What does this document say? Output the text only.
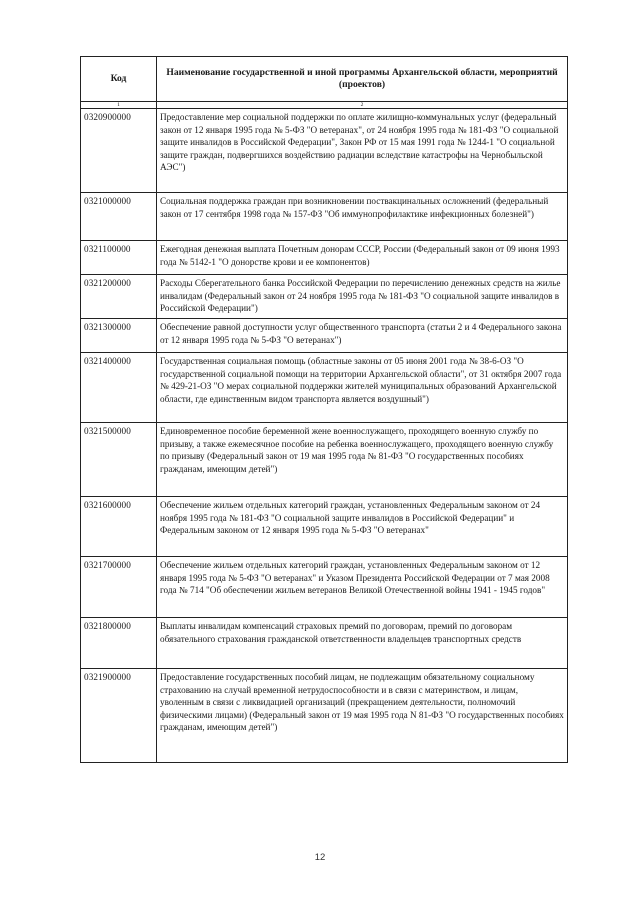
Код	Наименование государственной и иной программы Архангельской области, мероприятий (проектов)
1	2
0320900000	Предоставление мер социальной поддержки по оплате жилищно-коммунальных услуг (федеральный закон от 12 января 1995 года № 5-ФЗ "О ветеранах", от 24 ноября 1995 года № 181-ФЗ "О социальной защите инвалидов в Российской Федерации", Закон РФ от 15 мая 1991 года № 1244-1 "О социальной защите граждан, подвергшихся воздействию радиации вследствие катастрофы на Чернобыльской АЭС")
0321000000	Социальная поддержка граждан при возникновении поствакцинальных осложнений (федеральный закон от 17 сентября 1998 года № 157-ФЗ "Об иммунопрофилактике инфекционных болезней")
0321100000	Ежегодная денежная выплата Почетным донорам СССР, России (Федеральный закон от 09 июня 1993 года № 5142-1 "О донорстве крови и ее компонентов)
0321200000	Расходы Сберегательного банка Российской Федерации по перечислению денежных средств на жилье инвалидам (Федеральный закон от 24 ноября 1995 года № 181-ФЗ "О социальной защите инвалидов в Российской Федерации")
0321300000	Обеспечение равной доступности услуг общественного транспорта (статьи 2 и 4 Федерального закона от 12 января 1995 года № 5-ФЗ "О ветеранах")
0321400000	Государственная социальная помощь (областные законы от 05 июня 2001 года № 38-6-ОЗ "О государственной социальной помощи на территории Архангельской области", от 31 октября 2007 года № 429-21-ОЗ "О мерах социальной поддержки жителей муниципальных образований Архангельской области, где единственным видом транспорта является воздушный")
0321500000	Единовременное пособие беременной жене военнослужащего, проходящего военную службу по призыву, а также ежемесячное пособие на ребенка военнослужащего, проходящего военную службу по призыву (Федеральный закон от 19 мая 1995 года № 81-ФЗ "О государственных пособиях гражданам, имеющим детей")
0321600000	Обеспечение жильем отдельных категорий граждан, установленных Федеральным законом от 24 ноября 1995 года № 181-ФЗ "О социальной защите инвалидов в Российской Федерации" и Федеральным законом от 12 января 1995 года № 5-ФЗ "О ветеранах"
0321700000	Обеспечение жильем отдельных категорий граждан, установленных Федеральным законом от 12 января 1995 года № 5-ФЗ "О ветеранах" и Указом Президента Российской Федерации от 7 мая 2008 года № 714 "Об обеспечении жильем ветеранов Великой Отечественной войны 1941 - 1945 годов"
0321800000	Выплаты инвалидам компенсаций страховых премий по договорам, премий по договорам обязательного страхования гражданской ответственности владельцев транспортных средств
0321900000	Предоставление государственных пособий лицам, не подлежащим обязательному социальному страхованию на случай временной нетрудоспособности и в связи с материнством, и лицам, уволенным в связи с ликвидацией организаций (прекращением деятельности, полномочий физическими лицами) (Федеральный закон от 19 мая 1995 года N 81-ФЗ "О государственных пособиях гражданам, имеющим детей")
12
